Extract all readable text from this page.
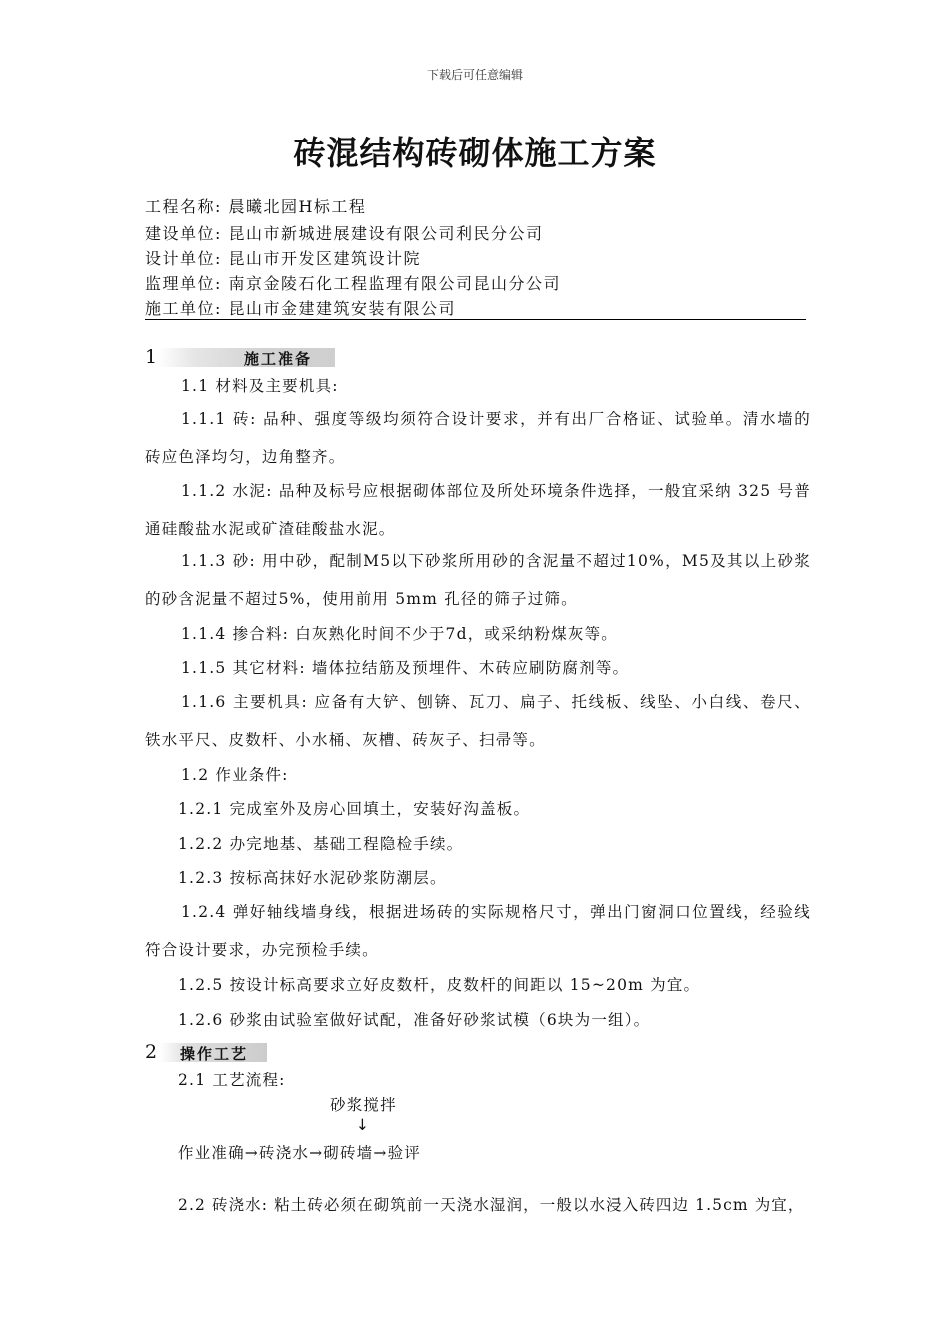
下载后可任意编辑
砖混结构砖砌体施工方案
工程名称: 晨曦北园H标工程
建设单位: 昆山市新城进展建设有限公司利民分公司
设计单位: 昆山市开发区建筑设计院
监理单位: 南京金陵石化工程监理有限公司昆山分公司
施工单位: 昆山市金建建筑安装有限公司
1	施工准备
1.1 材料及主要机具:
1.1.1 砖: 品种、强度等级均须符合设计要求，并有出厂合格证、试验单。清水墙的砖应色泽均匀，边角整齐。
1.1.2 水泥: 品种及标号应根据砌体部位及所处环境条件选择，一般宜采纳 325 号普通硅酸盐水泥或矿渣硅酸盐水泥。
1.1.3 砂: 用中砂，配制M5以下砂浆所用砂的含泥量不超过10%，M5及其以上砂浆的砂含泥量不超过5%，使用前用 5mm 孔径的筛子过筛。
1.1.4 掺合料: 白灰熟化时间不少于7d，或采纳粉煤灰等。
1.1.5 其它材料: 墙体拉结筋及预埋件、木砖应刷防腐剂等。
1.1.6 主要机具: 应备有大铲、刨锛、瓦刀、扁子、托线板、线坠、小白线、卷尺、铁水平尺、皮数杆、小水桶、灰槽、砖灰子、扫帚等。
1.2 作业条件:
1.2.1 完成室外及房心回填土，安装好沟盖板。
1.2.2 办完地基、基础工程隐检手续。
1.2.3 按标高抹好水泥砂浆防潮层。
1.2.4 弹好轴线墙身线，根据进场砖的实际规格尺寸，弹出门窗洞口位置线，经验线符合设计要求，办完预检手续。
1.2.5 按设计标高要求立好皮数杆，皮数杆的间距以 15~20m 为宜。
1.2.6 砂浆由试验室做好试配，准备好砂浆试模（6块为一组）。
2 操作工艺
2.1 工艺流程:
砂浆搅拌
↓
作业准确→砖浇水→砌砖墙→验评
2.2 砖浇水: 粘土砖必须在砌筑前一天浇水湿润，一般以水浸入砖四边 1.5cm 为宜，
